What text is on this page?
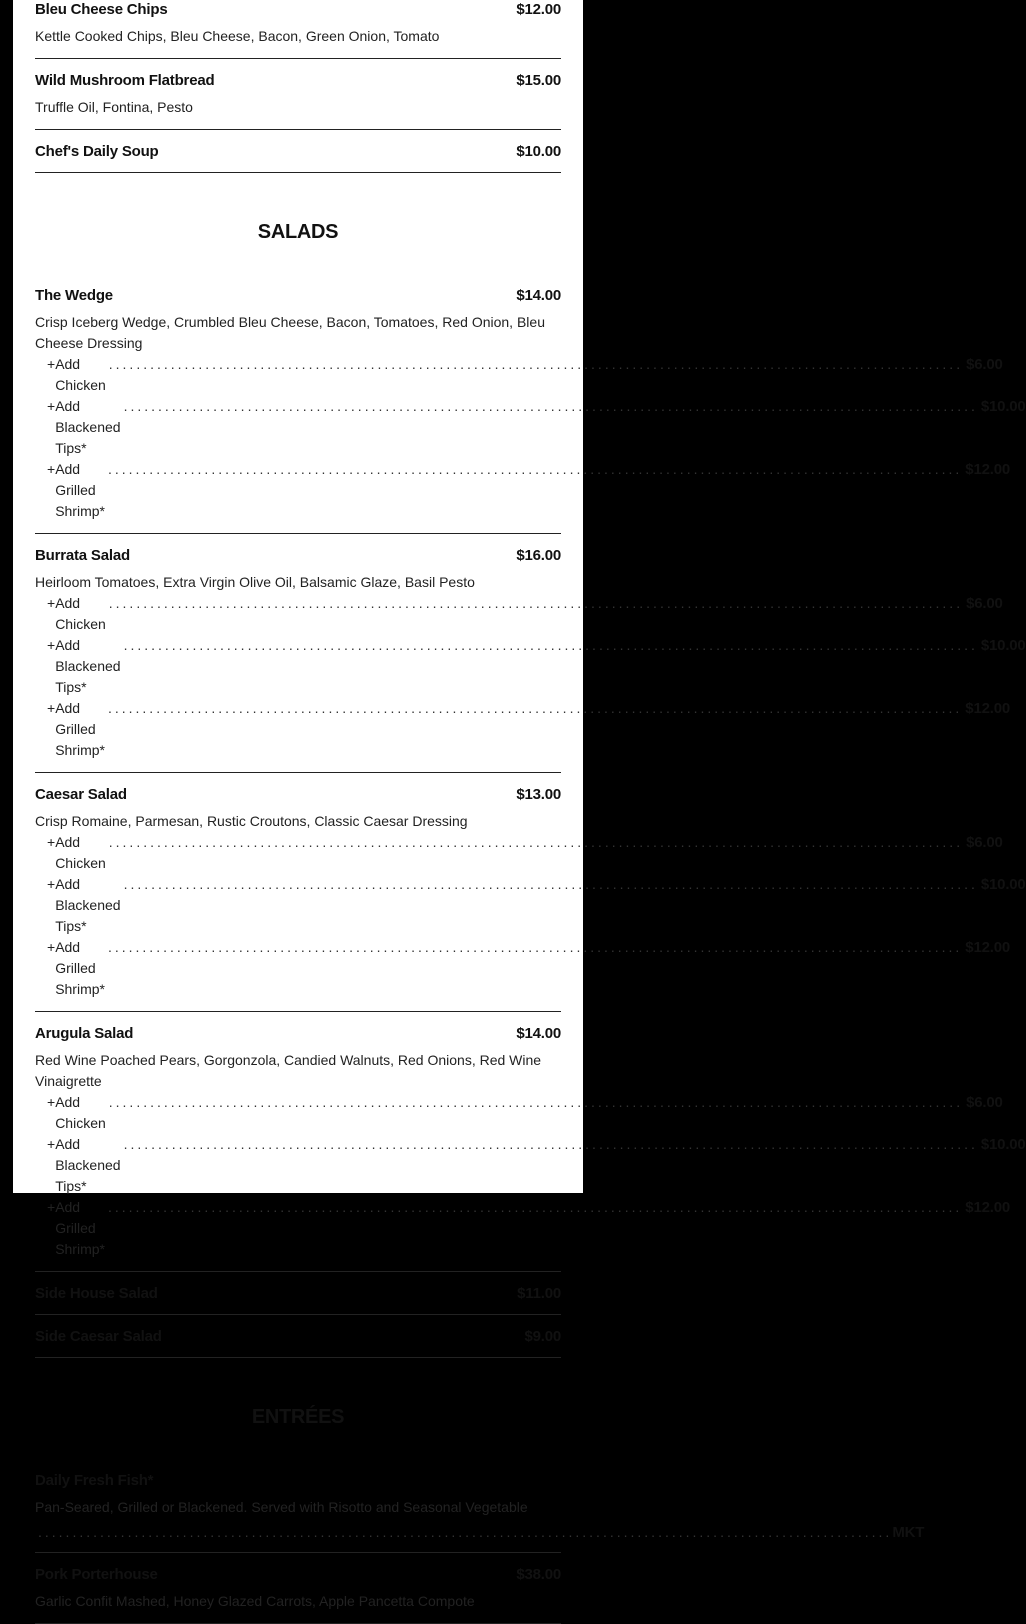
Bleu Cheese Chips	$12.00
Kettle Cooked Chips, Bleu Cheese, Bacon, Green Onion, Tomato
Wild Mushroom Flatbread	$15.00
Truffle Oil, Fontina, Pesto
Chef's Daily Soup	$10.00
SALADS
The Wedge	$14.00
Crisp Iceberg Wedge, Crumbled Bleu Cheese, Bacon, Tomatoes, Red Onion, Bleu Cheese Dressing
+ Add Chicken
............................................................................................................................ $6.00
+ Add Blackened Tips*
............................................................................................................................ $10.00
+ Add Grilled Shrimp*
............................................................................................................................ $12.00
Burrata Salad	$16.00
Heirloom Tomatoes, Extra Virgin Olive Oil, Balsamic Glaze, Basil Pesto
+ Add Chicken
............................................................................................................................ $6.00
+ Add Blackened Tips*
............................................................................................................................ $10.00
+ Add Grilled Shrimp*
............................................................................................................................ $12.00
Caesar Salad	$13.00
Crisp Romaine, Parmesan, Rustic Croutons, Classic Caesar Dressing
+ Add Chicken
............................................................................................................................ $6.00
+ Add Blackened Tips*
............................................................................................................................ $10.00
+ Add Grilled Shrimp*
............................................................................................................................ $12.00
Arugula Salad	$14.00
Red Wine Poached Pears, Gorgonzola, Candied Walnuts, Red Onions, Red Wine Vinaigrette
+ Add Chicken
............................................................................................................................ $6.00
+ Add Blackened Tips*
............................................................................................................................ $10.00
+ Add Grilled Shrimp*
............................................................................................................................ $12.00
Side House Salad	$11.00
Side Caesar Salad	$9.00
ENTRÉES
Daily Fresh Fish*
Pan-Seared, Grilled or Blackened. Served with Risotto and Seasonal Vegetable
............................................................................................................................ MKT
Pork Porterhouse	$38.00
Garlic Confit Mashed, Honey Glazed Carrots, Apple Pancetta Compote
